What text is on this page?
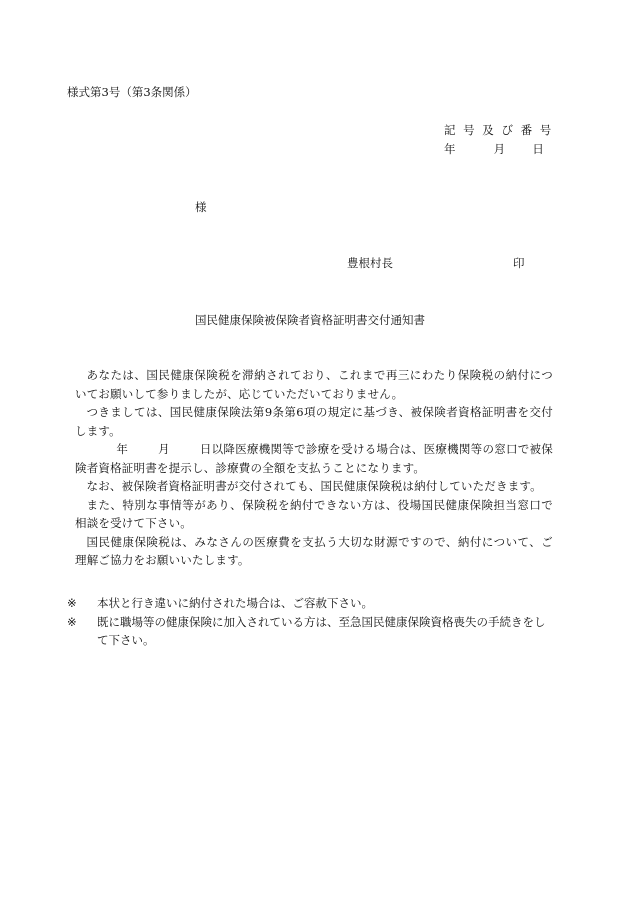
様式第3号（第3条関係）
記 号 及 び 番 号
年	月 日
様
豊根村長	印
国民健康保険被保険者資格証明書交付通知書

あなたは、国民健康保険税を滞納されており、これまで再三にわたり保険税の納付についてお願いして参りましたが、応じていただいておりません。

つきましては、国民健康保険法第9条第6項の規定に基づき、被保険者資格証明書を交付します。

年	月	日以降医療機関等で診療を受ける場合は、医療機関等の窓口で被保険者資格証明書を提示し、診療費の全額を支払うことになります。

なお、被保険者資格証明書が交付されても、国民健康保険税は納付していただきます。

また、特別な事情等があり、保険税を納付できない方は、役場国民健康保険担当窓口で相談を受けて下さい。

国民健康保険税は、みなさんの医療費を支払う大切な財源ですので、納付について、ご理解ご協力をお願いいたします。

※	本状と行き違いに納付された場合は、ご容赦下さい。
※	既に職場等の健康保険に加入されている方は、至急国民健康保険資格喪失の手続きをして下さい。
